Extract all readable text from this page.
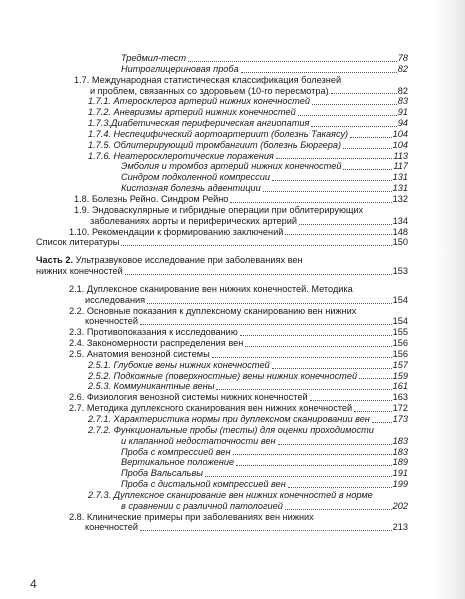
Тредмил-тест	78
Нитроглицериновая проба	82
1.7. Международная статистическая классификация болезней
и проблем, связанных со здоровьем (10-го пересмотра)	82
1.7.1. Атеросклероз артерий нижних конечностей	83
1.7.2. Аневризмы артерий нижних конечностей	91
1.7.3.Диабетическая периферическая ангиопатия	94
1.7.4. Неспецифический аортоартериит (болезнь Такаясу)	104
1.7.5. Облитерирующий тромбангиит (болезнь Бюргера)	104
1.7.6. Неатеросклеротические поражения	113
Эмболия и тромбоз артерий нижних конечностей	117
Синдром подколенной компрессии	131
Кистозная болезнь адвентиции	131
1.8. Болезнь Рейно. Синдром Рейно	132
1.9. Эндоваскулярные и гибридные операции при облитерирующих
заболеваниях аорты и периферических артерий	134
1.10. Рекомендации к формированию заключений	148
Список литературы	150
Часть 2. Ультразвуковое исследование при заболеваниях вен
нижних конечностей	153
2.1. Дуплексное сканирование вен нижних конечностей. Методика
исследования	154
2.2. Основные показания к дуплексному сканированию вен нижних
конечностей	154
2.3. Противопоказания к исследованию	155
2.4. Закономерности распределения вен	156
2.5. Анатомия венозной системы	156
2.5.1. Глубокие вены нижних конечностей	157
2.5.2. Подкожные (поверхностные) вены нижних конечностей	159
2.5.3. Коммуникантные вены	161
2.6. Физиология венозной системы нижних конечностей	163
2.7. Методика дуплексного сканирования вен нижних конечностей	172
2.7.1. Характеристика нормы при дуплексном сканировании вен 173
2.7.2. Функциональные пробы (тесты) для оценки проходимости
и клапанной недостаточности вен	183
Проба с компрессией вен	183
Вертикальное положение	189
Проба Вальсальвы	191
Проба с дистальной компрессией вен	199
2.7.3. Дуплексное сканирование вен нижних конечностей в норме
в сравнении с различной патологией	202
2.8. Клинические примеры при заболеваниях вен нижних
конечностей	213
4
Ponomarenko
